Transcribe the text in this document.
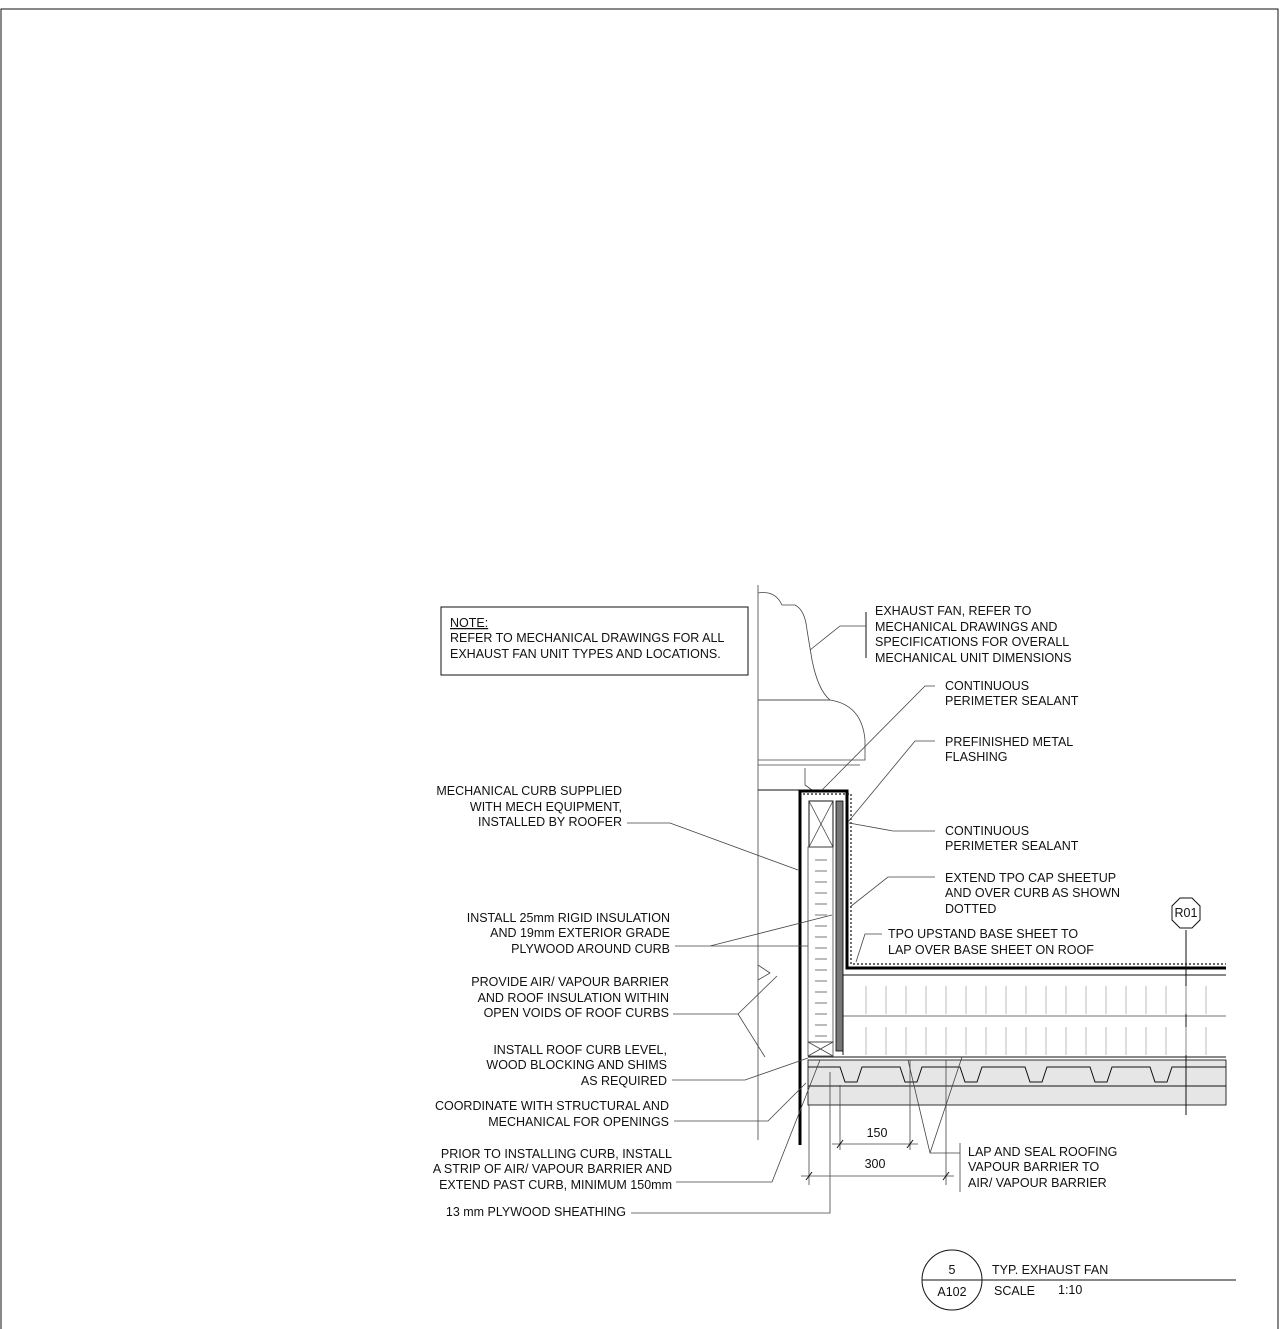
NOTE:
REFER TO MECHANICAL DRAWINGS FOR ALL
EXHAUST FAN UNIT TYPES AND LOCATIONS.
R01
EXHAUST FAN, REFER TO
MECHANICAL DRAWINGS AND
SPECIFICATIONS FOR OVERALL
MECHANICAL UNIT DIMENSIONS
CONTINUOUS
PERIMETER SEALANT
PREFINISHED METAL
FLASHING
CONTINUOUS
PERIMETER SEALANT
EXTEND TPO CAP SHEETUP
AND OVER CURB AS SHOWN
DOTTED
TPO UPSTAND BASE SHEET TO
LAP OVER BASE SHEET ON ROOF
LAP AND SEAL ROOFING
VAPOUR BARRIER TO
AIR/ VAPOUR BARRIER
MECHANICAL CURB SUPPLIED
WITH MECH EQUIPMENT,
INSTALLED BY ROOFER
INSTALL 25mm RIGID INSULATION
AND 19mm EXTERIOR GRADE
PLYWOOD AROUND CURB
PROVIDE AIR/ VAPOUR BARRIER
AND ROOF INSULATION WITHIN
OPEN VOIDS OF ROOF CURBS
INSTALL ROOF CURB LEVEL,
WOOD BLOCKING AND SHIMS
AS REQUIRED
COORDINATE WITH STRUCTURAL AND
MECHANICAL FOR OPENINGS
PRIOR TO INSTALLING CURB, INSTALL
A STRIP OF AIR/ VAPOUR BARRIER AND
EXTEND PAST CURB, MINIMUM 150mm
13 mm PLYWOOD SHEATHING
150
300
5
A102
TYP. EXHAUST FAN
SCALE 1:10
